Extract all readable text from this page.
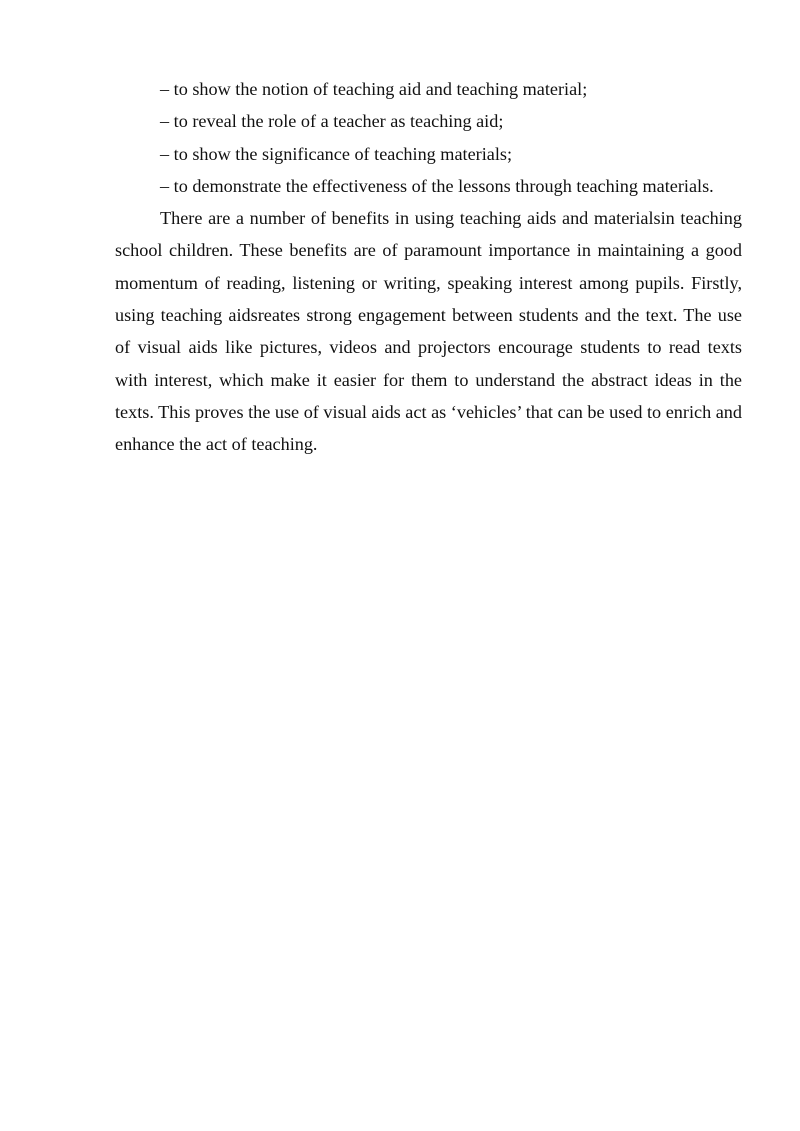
– to show the notion of teaching aid and teaching material;

– to reveal the role of a teacher as teaching aid;

– to show the significance of teaching materials;

– to demonstrate the effectiveness of the lessons through teaching materials.

There are a number of benefits in using teaching aids and materialsin teaching school children. These benefits are of paramount importance in maintaining a good momentum of reading, listening or writing, speaking interest among pupils. Firstly, using teaching aidsreates strong engagement between students and the text. The use of visual aids like pictures, videos and projectors encourage students to read texts with interest, which make it easier for them to understand the abstract ideas in the texts. This proves the use of visual aids act as ‘vehicles’ that can be used to enrich and enhance the act of teaching.
